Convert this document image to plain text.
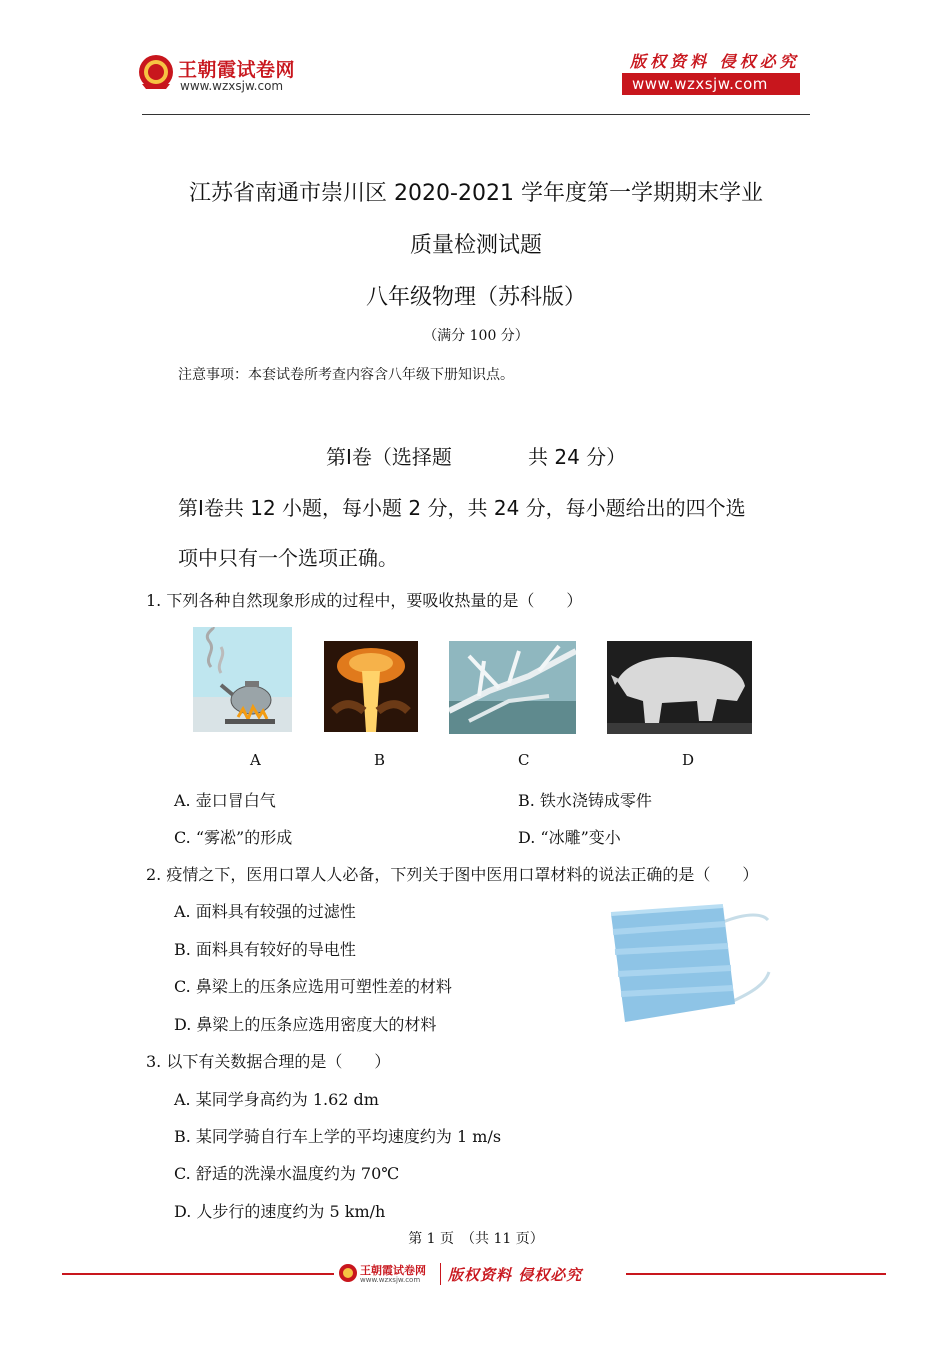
王朝霞试卷网
www.wzxsjw.com
版权资料 侵权必究
www.wzxsjw.com
江苏省南通市崇川区 2020-2021 学年度第一学期期末学业
质量检测试题
八年级物理（苏科版）
（满分 100 分）
注意事项：本套试卷所考查内容含八年级下册知识点。
第Ⅰ卷（选择题	共 24 分）
第Ⅰ卷共 12 小题，每小题 2 分，共 24 分，每小题给出的四个选
项中只有一个选项正确。
1. 下列各种自然现象形成的过程中，要吸收热量的是（　　）
A	B	C	D
A. 壶口冒白气	B. 铁水浇铸成零件
C. “雾凇”的形成	D. “冰雕”变小
2. 疫情之下，医用口罩人人必备，下列关于图中医用口罩材料的说法正确的是（　　）
A. 面料具有较强的过滤性
B. 面料具有较好的导电性
C. 鼻梁上的压条应选用可塑性差的材料
D. 鼻梁上的压条应选用密度大的材料
3. 以下有关数据合理的是（　　）
A. 某同学身高约为 1.62 dm
B. 某同学骑自行车上学的平均速度约为 1 m/s
C. 舒适的洗澡水温度约为 70℃
D. 人步行的速度约为 5 km/h
第 1 页　（共 11 页）
王朝霞试卷网
www.wzxsjw.com 版权资料 侵权必究
